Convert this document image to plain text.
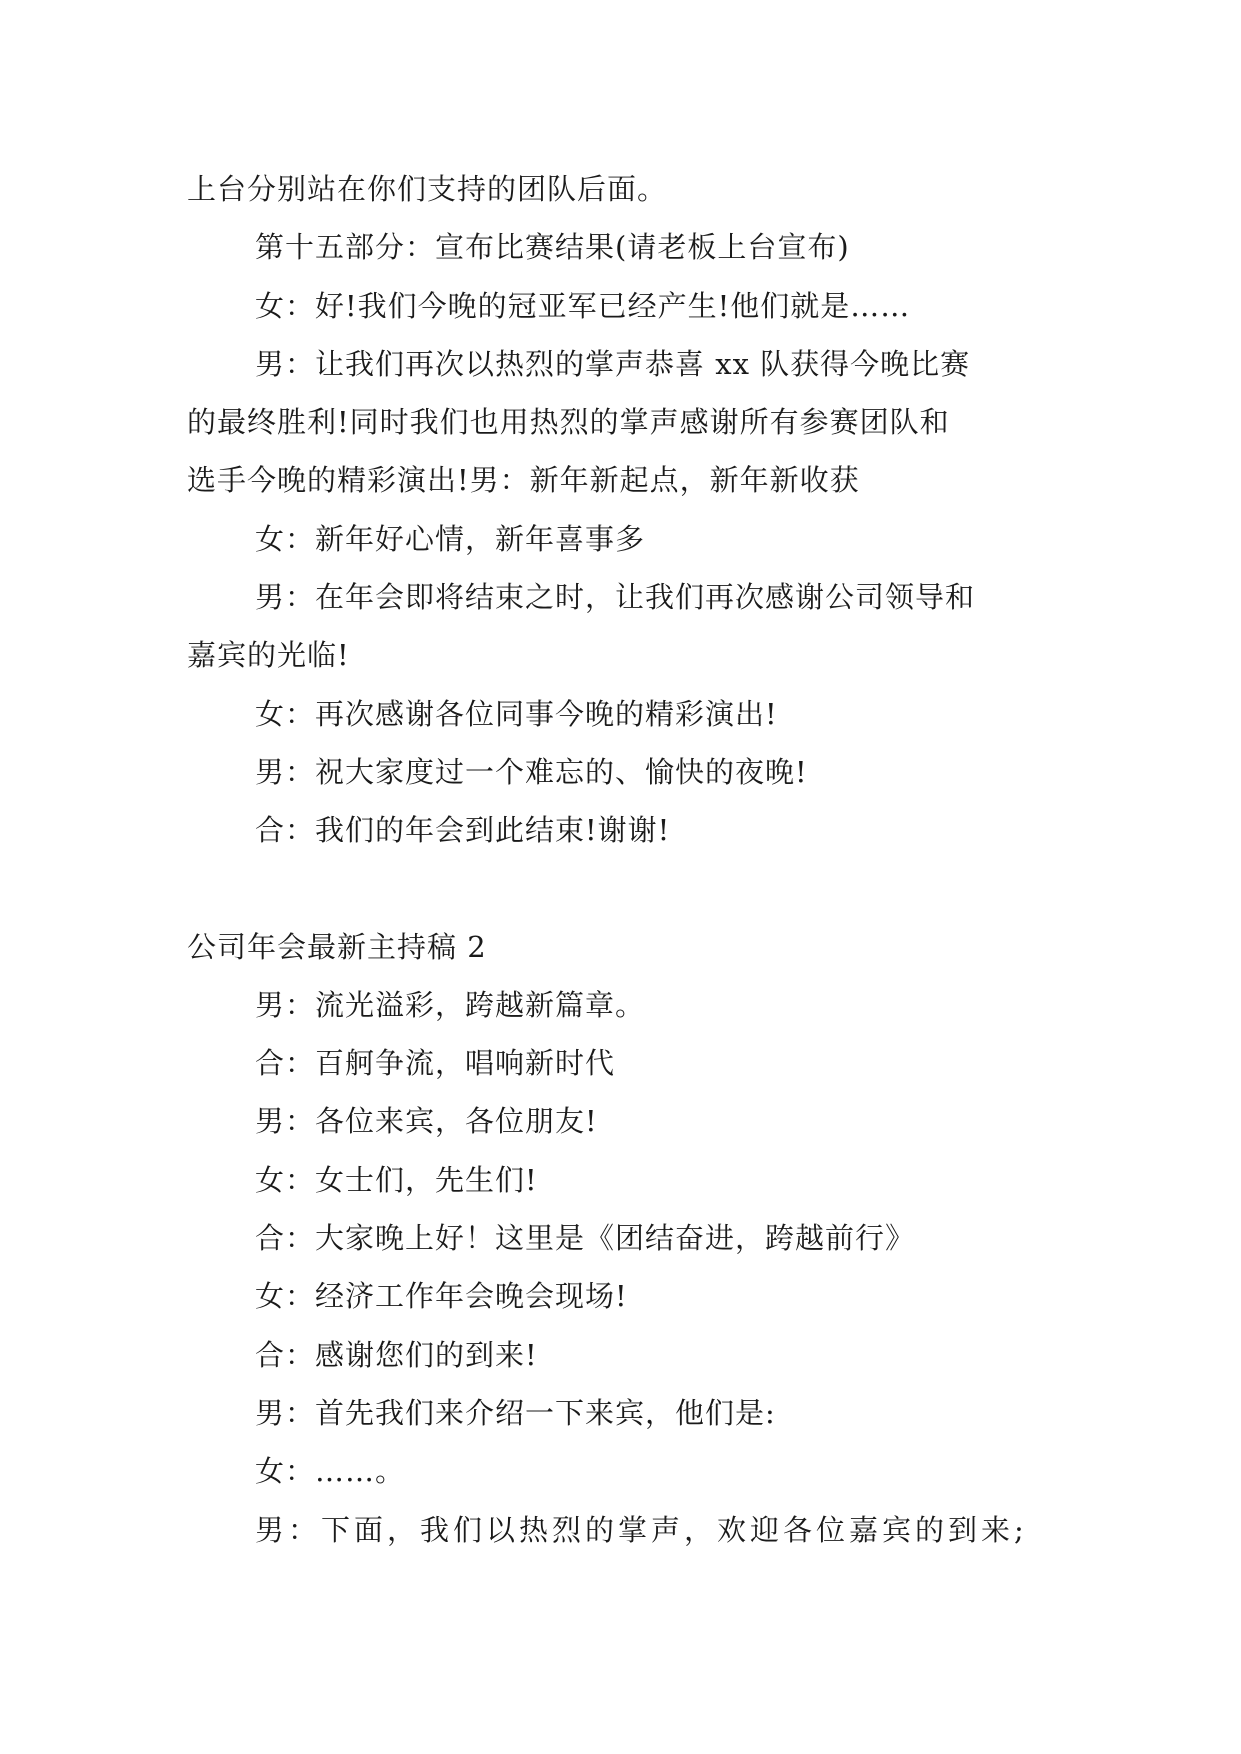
上台分别站在你们支持的团队后面。
第十五部分：宣布比赛结果(请老板上台宣布)
女：好!我们今晚的冠亚军已经产生!他们就是……
男：让我们再次以热烈的掌声恭喜 xx 队获得今晚比赛
的最终胜利!同时我们也用热烈的掌声感谢所有参赛团队和
选手今晚的精彩演出!男：新年新起点，新年新收获
女：新年好心情，新年喜事多
男：在年会即将结束之时，让我们再次感谢公司领导和
嘉宾的光临!
女：再次感谢各位同事今晚的精彩演出!
男：祝大家度过一个难忘的、愉快的夜晚!
合：我们的年会到此结束!谢谢!
公司年会最新主持稿 2
男：流光溢彩，跨越新篇章。
合：百舸争流，唱响新时代
男：各位来宾，各位朋友!
女：女士们，先生们!
合：大家晚上好！这里是《团结奋进，跨越前行》
女：经济工作年会晚会现场!
合：感谢您们的到来!
男：首先我们来介绍一下来宾，他们是:
女：……。
男：下面，我们以热烈的掌声，欢迎各位嘉宾的到来;
